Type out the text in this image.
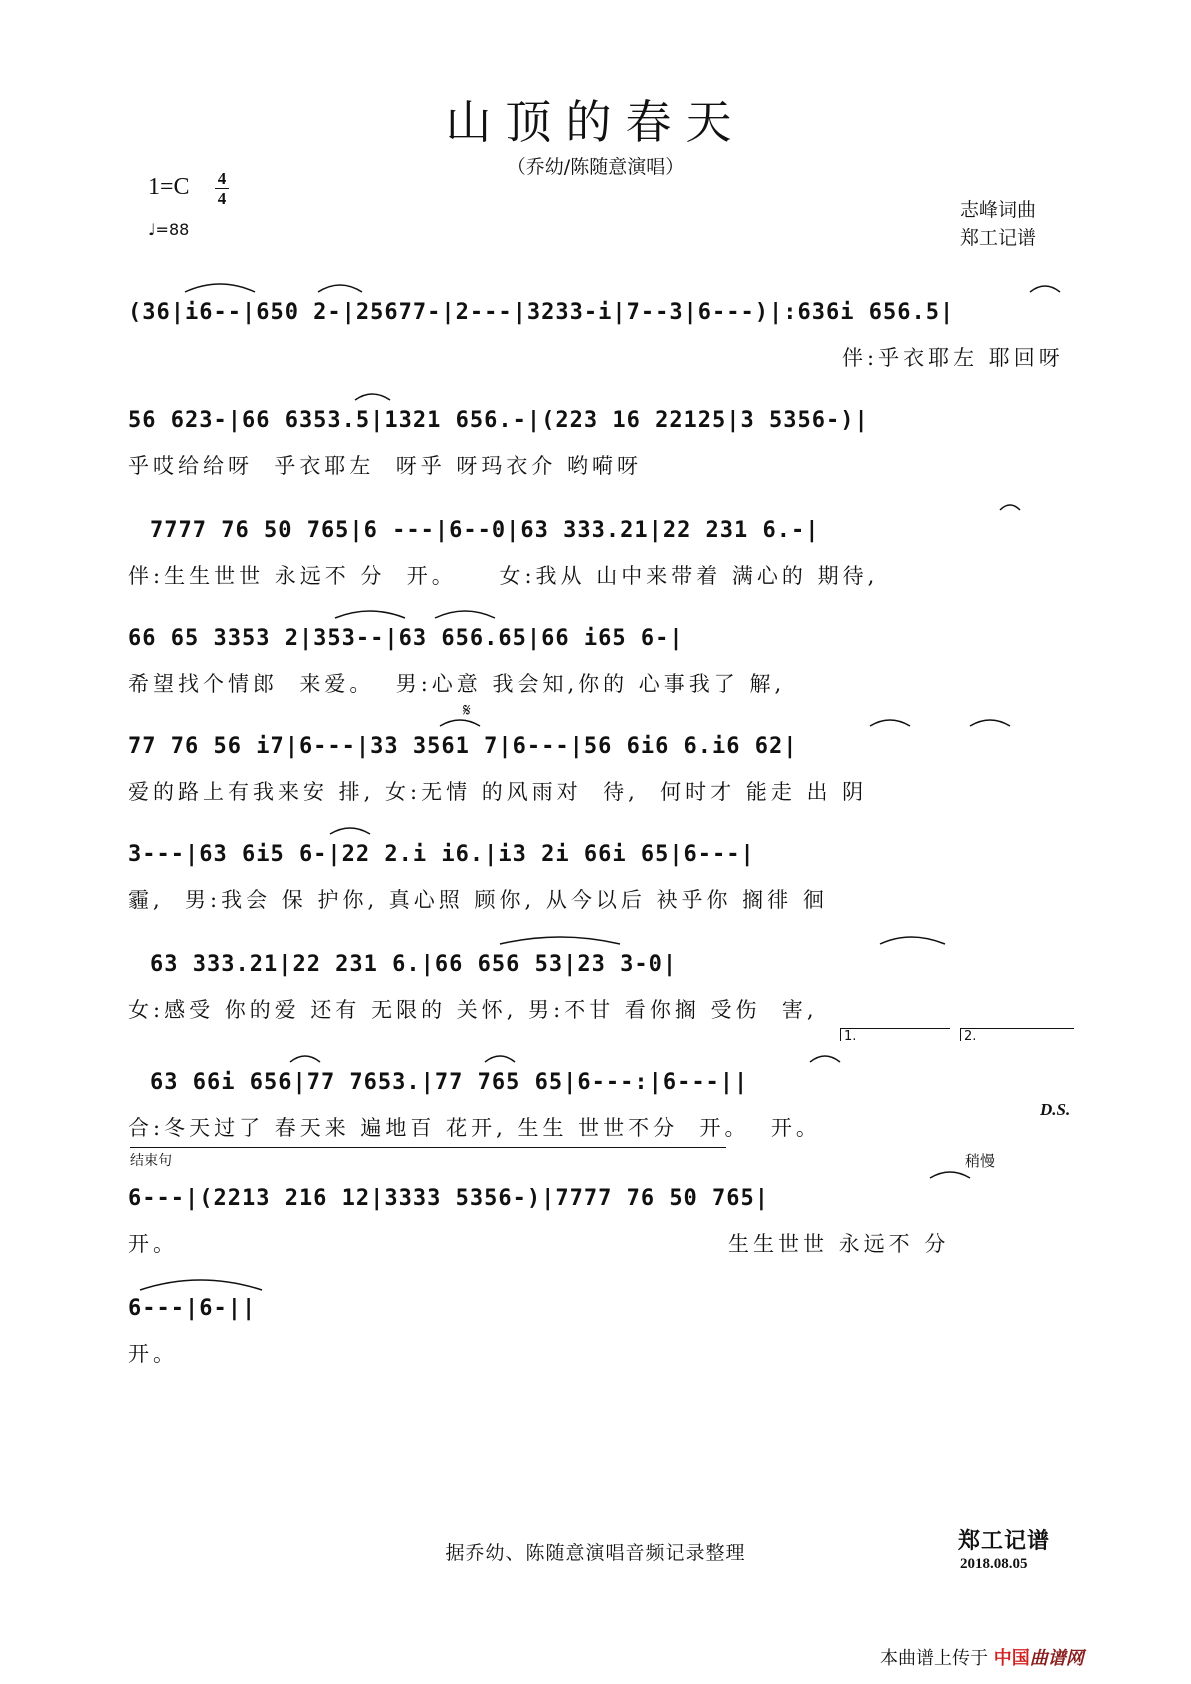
山顶的春天
（乔幼/陈随意演唱）
1=C 4
4
♩=88
志峰词曲
郑工记谱
(36|i6--|650 2-|25677-|2---|3233-i|7--3|6---)|:636i 656.5|
伴:乎衣耶左 耶回呀
56 623-|66 6353.5|1321 656.-|(223 16 22125|3 5356-)|
乎哎给给呀  乎衣耶左  呀乎 呀玛衣介 哟嗬呀
7777 76 50 765|6 ---|6--0|63 333.21|22 231 6.-|
伴:生生世世 永远不 分  开。    女:我从 山中来带着 满心的 期待,
66 65 3353 2|353--|63 656.65|66 i65 6-|
希望找个情郎  来爱。  男:心意 我会知,你的 心事我了 解,
𝄋
77 76 56 i7|6---|33 3561 7|6---|56 6i6 6.i6 62|
爱的路上有我来安 排, 女:无情 的风雨对  待,  何时才 能走 出 阴
3---|63 6i5 6-|22 2.i i6.|i3 2i 66i 65|6---|
霾,  男:我会 保 护你, 真心照 顾你, 从今以后 袂乎你 搁徘 徊
63 333.21|22 231 6.|66 656 53|23 3-0|
女:感受 你的爱 还有 无限的 关怀, 男:不甘 看你搁 受伤  害,
1.	2.
63 66i 656|77 7653.|77 765 65|6---:|6---||
合:冬天过了 春天来 遍地百 花开, 生生 世世不分  开。  开。
D.S.
结束句	稍慢
6---|(2213 216 12|3333 5356-)|7777 76 50 765|
开。	生生世世 永远不 分
6---|6-||
开。
据乔幼、陈随意演唱音频记录整理	郑工记谱
2018.08.05
本曲谱上传于 中国曲谱网
